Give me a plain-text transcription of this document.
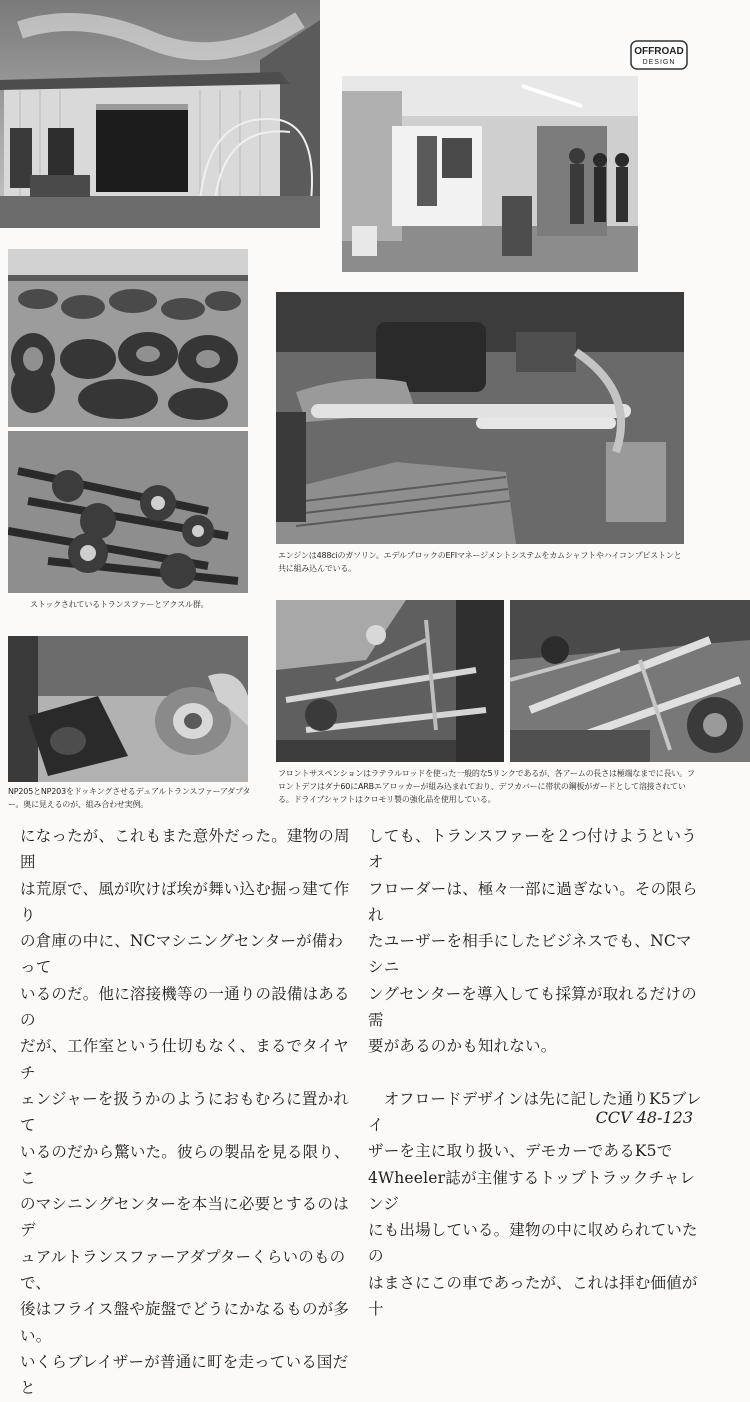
OFFROAD
DESIGN
エンジンは488ciのガソリン。エデルブロックのEFIマネージメントシステムをカムシャフトやハイコンプピストンと共に組み込んでいる。
ストックされているトランスファーとアクスル群。
NP205とNP203をドッキングさせるデュアルトランスファーアダプター。奥に見えるのが、組み合わせ実例。
フロントサスペンションはラテラルロッドを使った一般的な5リンクであるが、各アームの長さは極端なまでに長い。フロントデフはダナ60にARBエアロッカーが組み込まれており、デフカバーに帯状の鋼板がガードとして溶接されている。ドライブシャフトはクロモリ製の強化品を使用している。

になったが、これもまた意外だった。建物の周囲
は荒原で、風が吹けば埃が舞い込む掘っ建て作り
の倉庫の中に、NCマシニングセンターが備わって
いるのだ。他に溶接機等の一通りの設備はあるの
だが、工作室という仕切もなく、まるでタイヤチ
ェンジャーを扱うかのようにおもむろに置かれて
いるのだから驚いた。彼らの製品を見る限り、こ
のマシニングセンターを本当に必要とするのはデ
ュアルトランスファーアダプターくらいのもので、
後はフライス盤や旋盤でどうにかなるものが多い。
いくらブレイザーが普通に町を走っている国だと

しても、トランスファーを２つ付けようというオ
フローダーは、極々一部に過ぎない。その限られ
たユーザーを相手にしたビジネスでも、NCマシニ
ングセンターを導入しても採算が取れるだけの需
要があるのかも知れない。

　オフロードデザインは先に記した通りK5ブレイ
ザーを主に取り扱い、デモカーであるK5で
4Wheeler誌が主催するトップトラックチャレンジ
にも出場している。建物の中に収められていたの
はまさにこの車であったが、これは拝む価値が十

CCV 48-123
